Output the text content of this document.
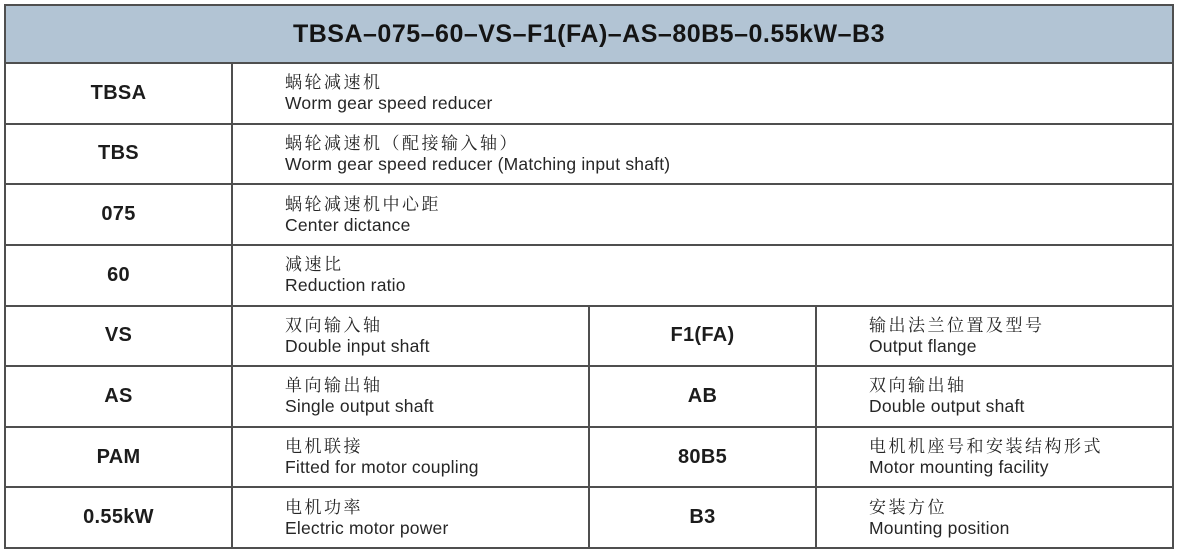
TBSA–075–60–VS–F1(FA)–AS–80B5–0.55kW–B3
TBSA	蜗轮减速机
Worm gear speed reducer
TBS	蜗轮减速机（配接输入轴）
Worm gear speed reducer (Matching input shaft)
075	蜗轮减速机中心距
Center dictance
60	减速比
Reduction ratio
VS	双向输入轴
Double input shaft	F1(FA)	输出法兰位置及型号
Output flange
AS	单向输出轴
Single output shaft	AB	双向输出轴
Double output shaft
PAM	电机联接
Fitted for motor coupling	80B5	电机机座号和安装结构形式
Motor mounting facility
0.55kW	电机功率
Electric motor power	B3	安装方位
Mounting position
